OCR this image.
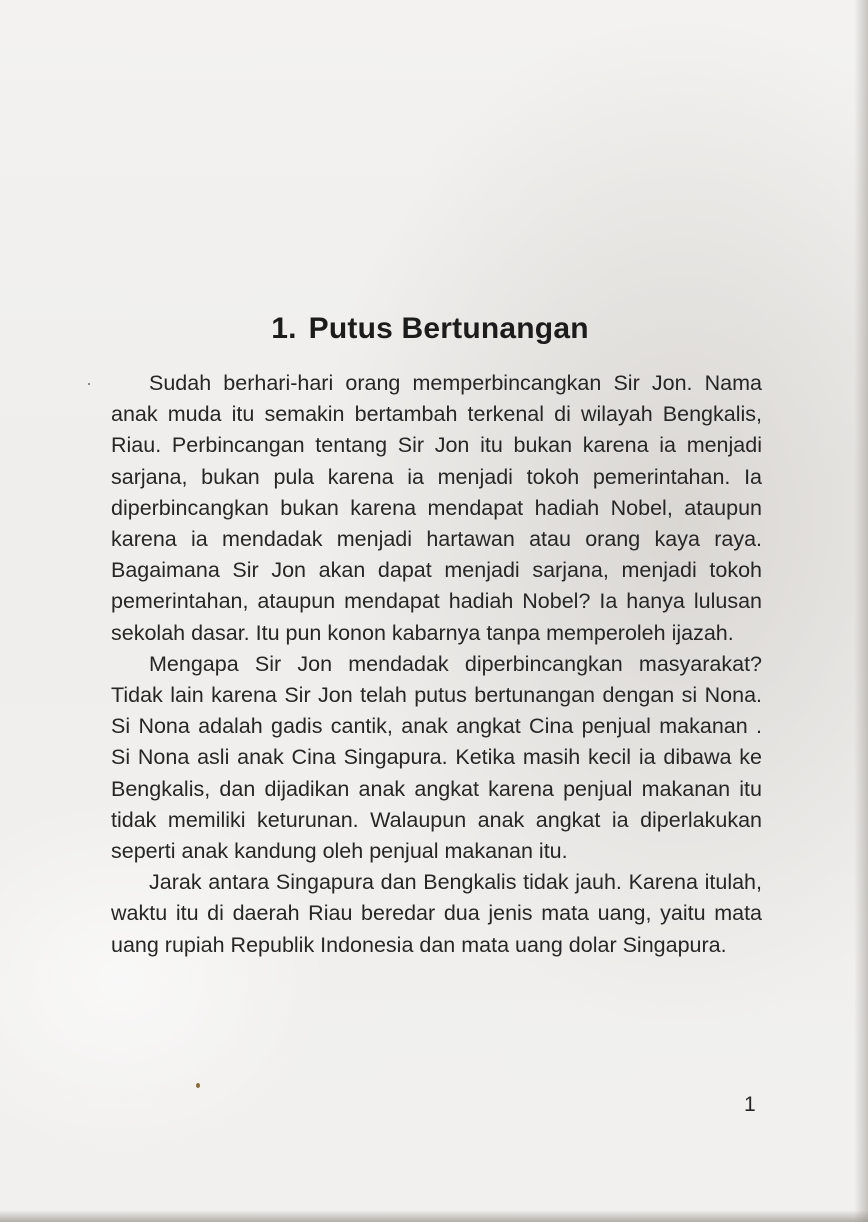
1. Putus Bertunangan

Sudah berhari-hari orang memperbincangkan Sir Jon. Nama anak muda itu semakin bertambah terkenal di wilayah Bengkalis, Riau. Perbincangan tentang Sir Jon itu bukan karena ia menjadi sarjana, bukan pula karena ia menjadi tokoh pemerintahan. Ia diperbincangkan bukan karena mendapat hadiah Nobel, ataupun karena ia mendadak menjadi hartawan atau orang kaya raya. Bagaimana Sir Jon akan dapat menjadi sarjana, menjadi tokoh pemerintahan, ataupun mendapat hadiah Nobel? Ia hanya lulusan sekolah dasar. Itu pun konon kabarnya tanpa memperoleh ijazah.

Mengapa Sir Jon mendadak diperbincangkan masyarakat? Tidak lain karena Sir Jon telah putus bertunangan dengan si Nona. Si Nona adalah gadis cantik, anak angkat Cina penjual makanan . Si Nona asli anak Cina Singapura. Ketika masih kecil ia dibawa ke Bengkalis, dan dijadikan anak angkat karena penjual makanan itu tidak memiliki keturunan. Walaupun anak angkat ia diperlakukan seperti anak kandung oleh penjual makanan itu.

Jarak antara Singapura dan Bengkalis tidak jauh. Karena itulah, waktu itu di daerah Riau beredar dua jenis mata uang, yaitu mata uang rupiah Republik Indonesia dan mata uang dolar Singapura.

1
